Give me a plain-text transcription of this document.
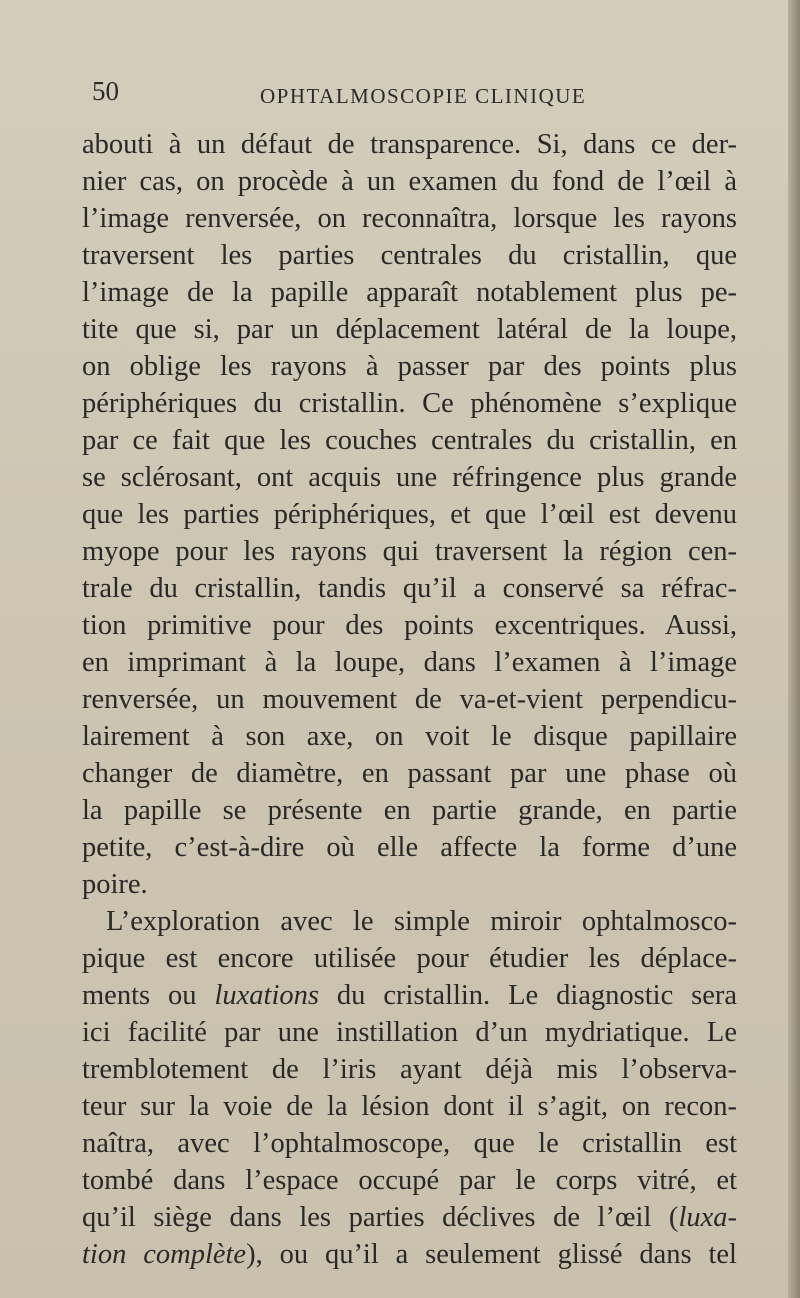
50	OPHTALMOSCOPIE CLINIQUE
abouti à un défaut de transparence. Si, dans ce der-
nier cas, on procède à un examen du fond de l’œil à
l’image renversée, on reconnaîtra, lorsque les rayons
traversent les parties centrales du cristallin, que
l’image de la papille apparaît notablement plus pe-
tite que si, par un déplacement latéral de la loupe,
on oblige les rayons à passer par des points plus
périphériques du cristallin. Ce phénomène s’explique
par ce fait que les couches centrales du cristallin, en
se sclérosant, ont acquis une réfringence plus grande
que les parties périphériques, et que l’œil est devenu
myope pour les rayons qui traversent la région cen-
trale du cristallin, tandis qu’il a conservé sa réfrac-
tion primitive pour des points excentriques. Aussi,
en imprimant à la loupe, dans l’examen à l’image
renversée, un mouvement de va-et-vient perpendicu-
lairement à son axe, on voit le disque papillaire
changer de diamètre, en passant par une phase où
la papille se présente en partie grande, en partie
petite, c’est-à-dire où elle affecte la forme d’une
poire.
L’exploration avec le simple miroir ophtalmosco-
pique est encore utilisée pour étudier les déplace-
ments ou luxations du cristallin. Le diagnostic sera
ici facilité par une instillation d’un mydriatique. Le
tremblotement de l’iris ayant déjà mis l’observa-
teur sur la voie de la lésion dont il s’agit, on recon-
naîtra, avec l’ophtalmoscope, que le cristallin est
tombé dans l’espace occupé par le corps vitré, et
qu’il siège dans les parties déclives de l’œil (luxa-
tion complète), ou qu’il a seulement glissé dans tel
